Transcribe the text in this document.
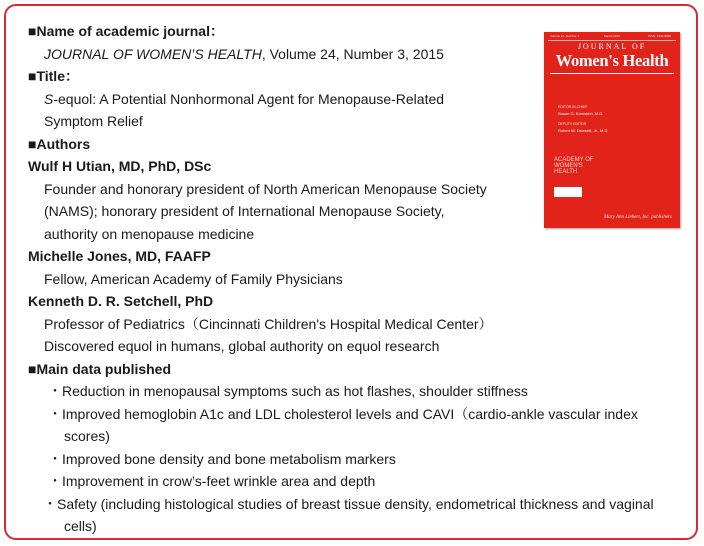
■Name of academic journal：
JOURNAL OF WOMEN’S HEALTH, Volume 24, Number 3, 2015
■Title：
S-equol: A Potential Nonhormonal Agent for Menopause-Related
Symptom Relief
■Authors
Wulf H Utian, MD, PhD, DSc
Founder and honorary president of North American Menopause Society
(NAMS); honorary president of International Menopause Society,
authority on menopause medicine
Michelle Jones, MD, FAAFP
Fellow, American Academy of Family Physicians
Kenneth D. R. Setchell, PhD
Professor of Pediatrics（Cincinnati Children's Hospital Medical Center）
Discovered equol in humans, global authority on equol research
■Main data published
・Reduction in menopausal symptoms such as hot flashes, shoulder stiffness
・Improved hemoglobin A1c and LDL cholesterol levels and CAVI（cardio-ankle vascular index
scores)
・Improved bone density and bone metabolism markers
・Improvement in crow’s-feet wrinkle area and depth
・Safety (including histological studies of breast tissue density, endometrical thickness and vaginal
cells)
Volume 24, Number 3	March 2015	ISSN: 1540-9996
JOURNAL OF
Women's Health
EDITOR-IN-CHIEF
Susan G. Kornstein, M.D.
DEPUTY EDITOR
Robert W. Dowsett, Jr., M.D.
ACADEMY OF
WOMEN'S
HEALTH
Mary Ann Liebert, Inc. publishers
